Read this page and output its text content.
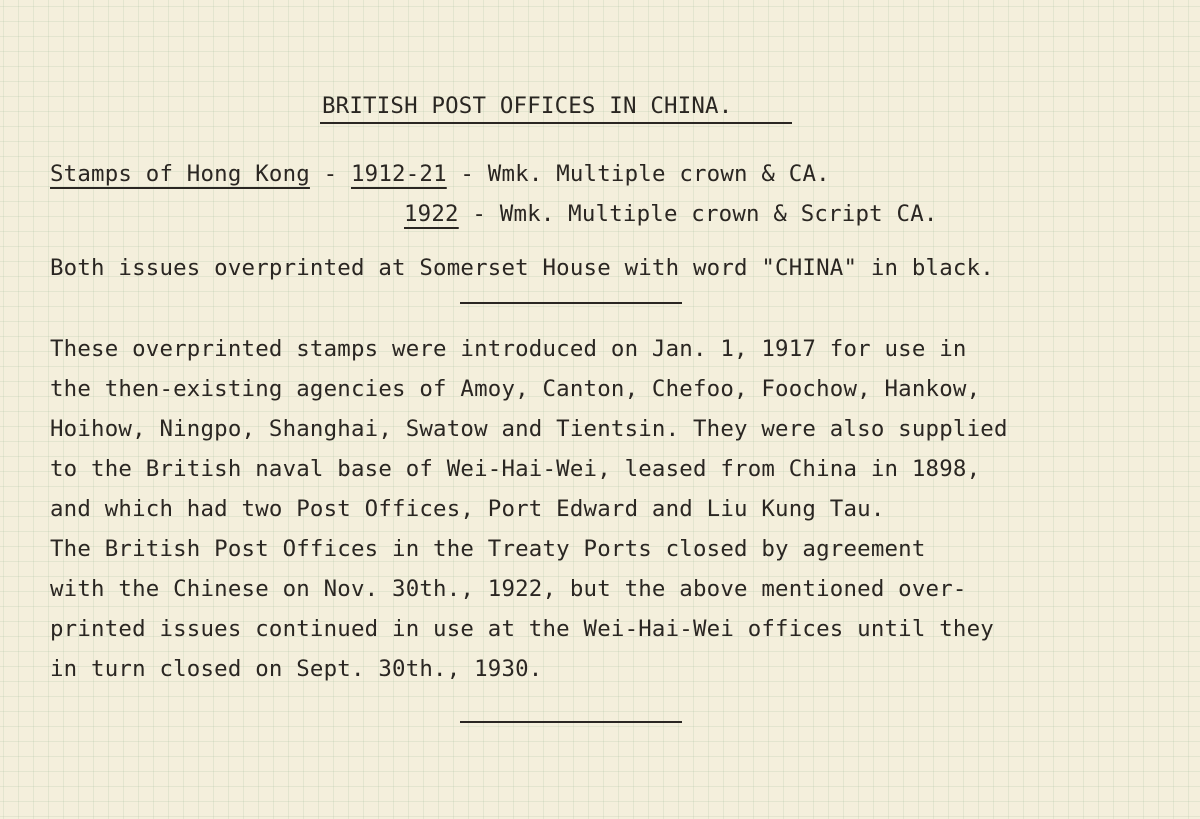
BRITISH POST OFFICES IN CHINA.
Stamps of Hong Kong - 1912-21 - Wmk. Multiple crown & CA.
1922 - Wmk. Multiple crown & Script CA.
Both issues overprinted at Somerset House with word "CHINA" in black.
These overprinted stamps were introduced on Jan. 1, 1917 for use in
the then-existing agencies of Amoy, Canton, Chefoo, Foochow, Hankow,
Hoihow, Ningpo, Shanghai, Swatow and Tientsin. They were also supplied
to the British naval base of Wei-Hai-Wei, leased from China in 1898,
and which had two Post Offices, Port Edward and Liu Kung Tau.
The British Post Offices in the Treaty Ports closed by agreement
with the Chinese on Nov. 30th., 1922, but the above mentioned over-
printed issues continued in use at the Wei-Hai-Wei offices until they
in turn closed on Sept. 30th., 1930.
